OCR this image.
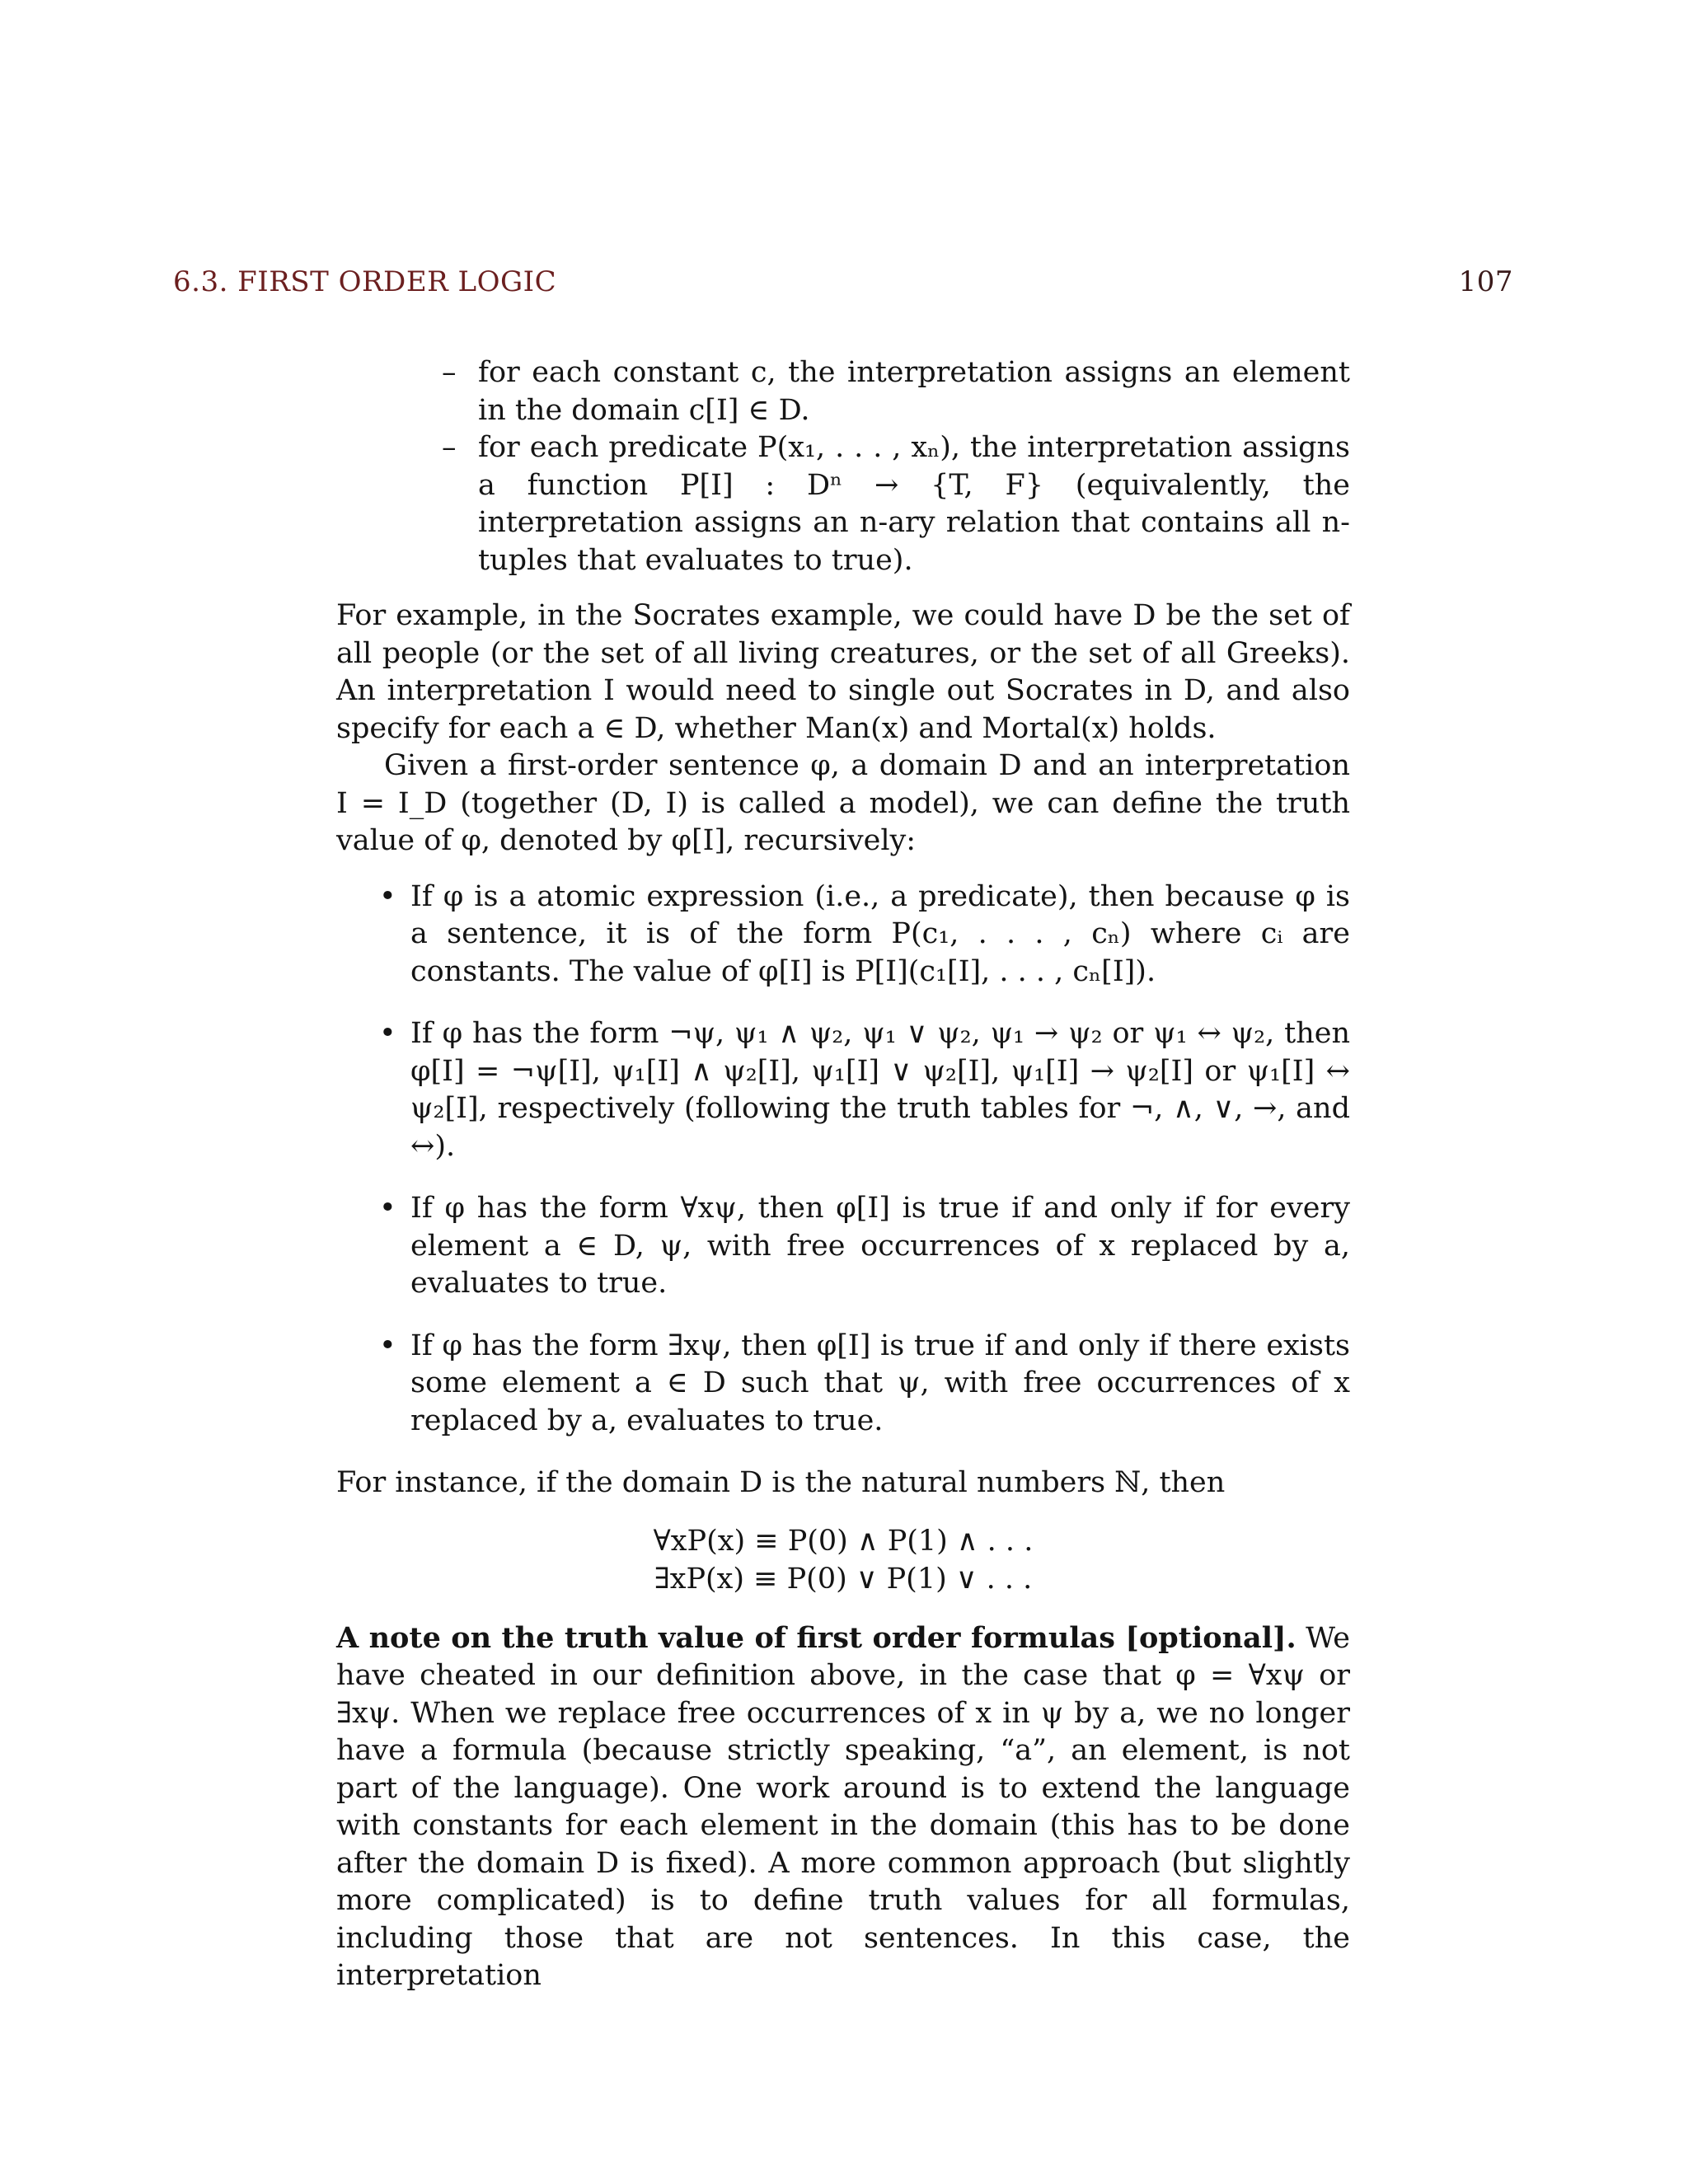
6.3. FIRST ORDER LOGIC	107
– for each constant c, the interpretation assigns an element in the domain c[I] ∈ D.
– for each predicate P(x₁, . . . , xₙ), the interpretation assigns a function P[I] : Dⁿ → {T, F} (equivalently, the interpretation assigns an n-ary relation that contains all n-tuples that evaluates to true).

For example, in the Socrates example, we could have D be the set of all people (or the set of all living creatures, or the set of all Greeks). An interpretation I would need to single out Socrates in D, and also specify for each a ∈ D, whether Man(x) and Mortal(x) holds.

Given a first-order sentence φ, a domain D and an interpretation I = I_D (together (D, I) is called a model), we can define the truth value of φ, denoted by φ[I], recursively:

• If φ is a atomic expression (i.e., a predicate), then because φ is a sentence, it is of the form P(c₁, . . . , cₙ) where cᵢ are constants. The value of φ[I] is P[I](c₁[I], . . . , cₙ[I]).
• If φ has the form ¬ψ, ψ₁ ∧ ψ₂, ψ₁ ∨ ψ₂, ψ₁ → ψ₂ or ψ₁ ↔ ψ₂, then φ[I] = ¬ψ[I], ψ₁[I] ∧ ψ₂[I], ψ₁[I] ∨ ψ₂[I], ψ₁[I] → ψ₂[I] or ψ₁[I] ↔ ψ₂[I], respectively (following the truth tables for ¬, ∧, ∨, →, and ↔).
• If φ has the form ∀xψ, then φ[I] is true if and only if for every element a ∈ D, ψ, with free occurrences of x replaced by a, evaluates to true.
• If φ has the form ∃xψ, then φ[I] is true if and only if there exists some element a ∈ D such that ψ, with free occurrences of x replaced by a, evaluates to true.

For instance, if the domain D is the natural numbers ℕ, then

∀xP(x) ≡ P(0) ∧ P(1) ∧ . . .
∃xP(x) ≡ P(0) ∨ P(1) ∨ . . .

A note on the truth value of first order formulas [optional]. We have cheated in our definition above, in the case that φ = ∀xψ or ∃xψ. When we replace free occurrences of x in ψ by a, we no longer have a formula (because strictly speaking, “a”, an element, is not part of the language). One work around is to extend the language with constants for each element in the domain (this has to be done after the domain D is fixed). A more common approach (but slightly more complicated) is to define truth values for all formulas, including those that are not sentences. In this case, the interpretation
